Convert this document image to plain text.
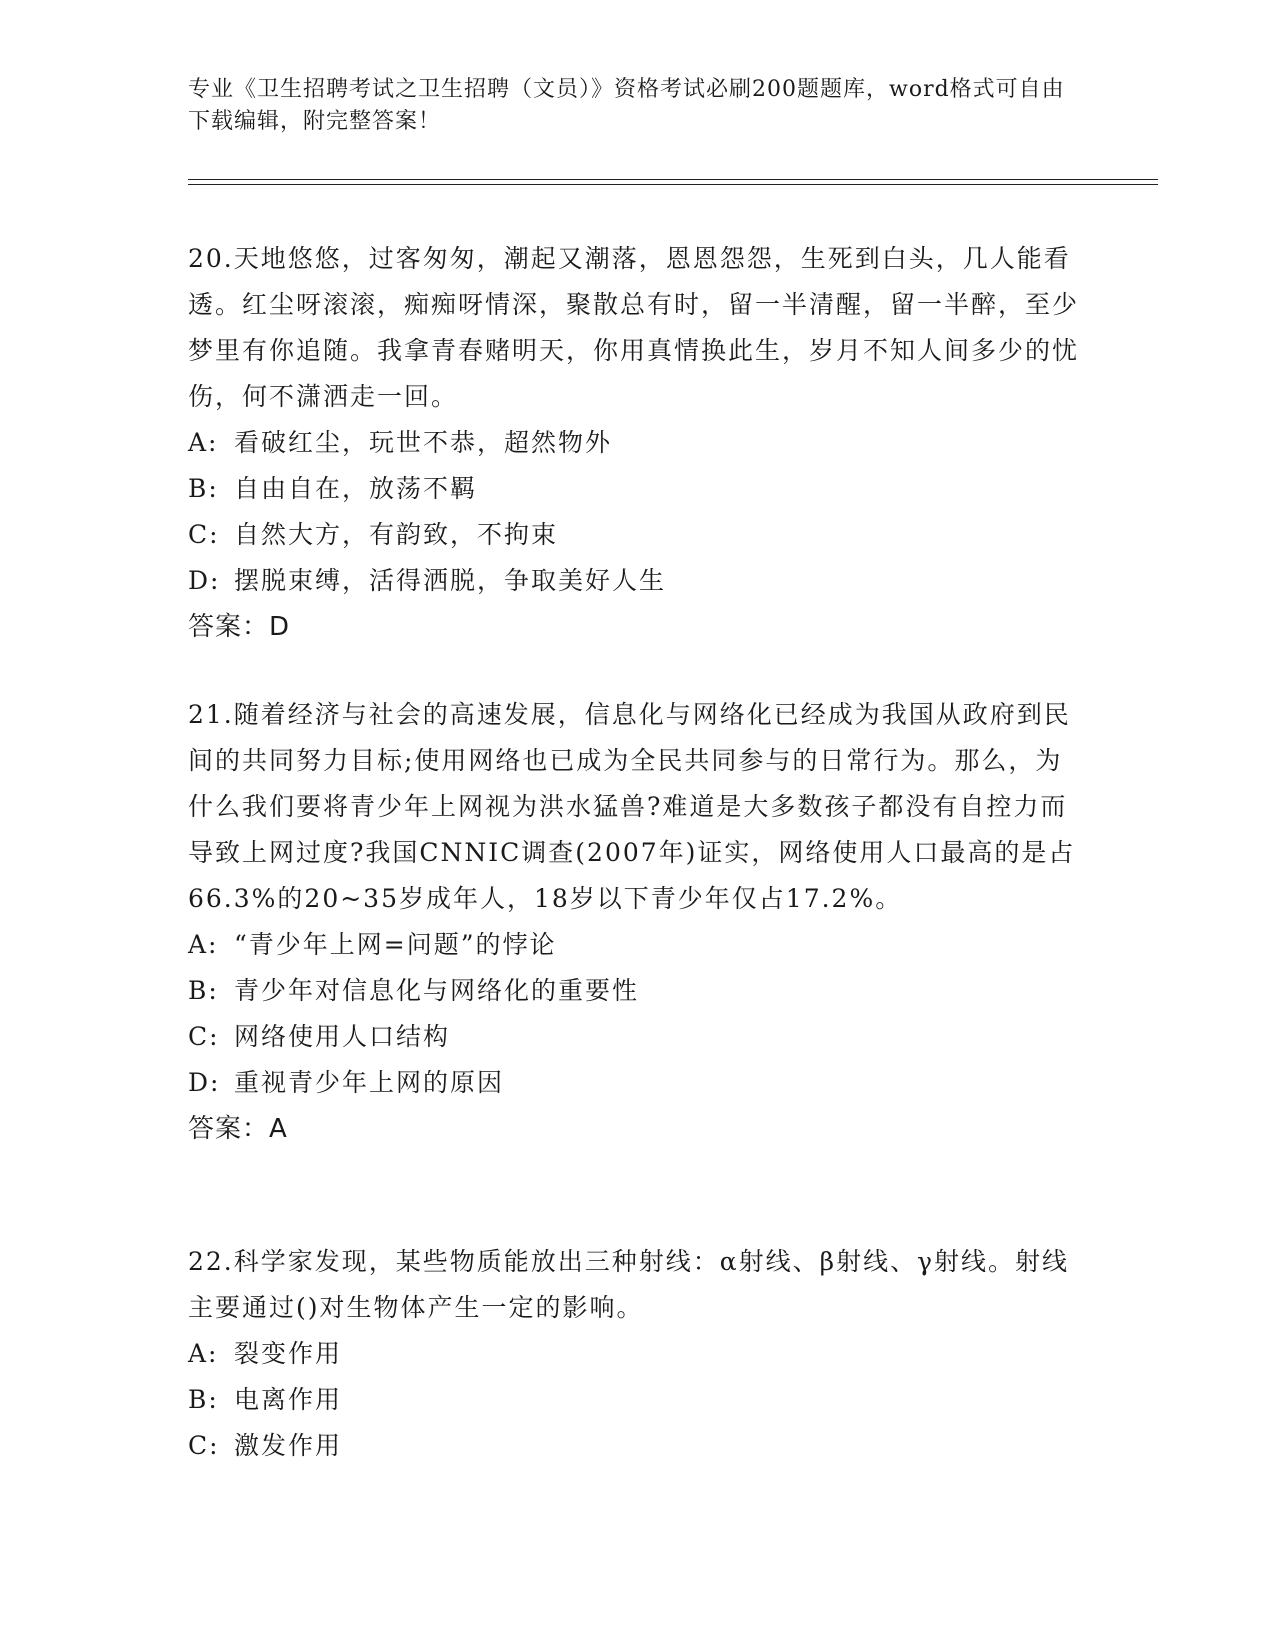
专业《卫生招聘考试之卫生招聘（文员）》资格考试必刷200题题库，word格式可自由下载编辑，附完整答案！

20.天地悠悠，过客匆匆，潮起又潮落，恩恩怨怨，生死到白头，几人能看透。红尘呀滚滚，痴痴呀情深，聚散总有时，留一半清醒，留一半醉，至少梦里有你追随。我拿青春赌明天，你用真情换此生，岁月不知人间多少的忧伤，何不潇洒走一回。

A: 看破红尘，玩世不恭，超然物外
B: 自由自在，放荡不羁
C: 自然大方，有韵致，不拘束
D: 摆脱束缚，活得洒脱，争取美好人生
答案：D

21.随着经济与社会的高速发展，信息化与网络化已经成为我国从政府到民间的共同努力目标;使用网络也已成为全民共同参与的日常行为。那么，为什么我们要将青少年上网视为洪水猛兽?难道是大多数孩子都没有自控力而导致上网过度?我国CNNIC调查(2007年)证实，网络使用人口最高的是占66.3%的20~35岁成年人，18岁以下青少年仅占17.2%。

A: “青少年上网=问题”的悖论
B: 青少年对信息化与网络化的重要性
C: 网络使用人口结构
D: 重视青少年上网的原因
答案：A

22.科学家发现，某些物质能放出三种射线：α射线、β射线、γ射线。射线主要通过()对生物体产生一定的影响。

A: 裂变作用
B: 电离作用
C: 激发作用
